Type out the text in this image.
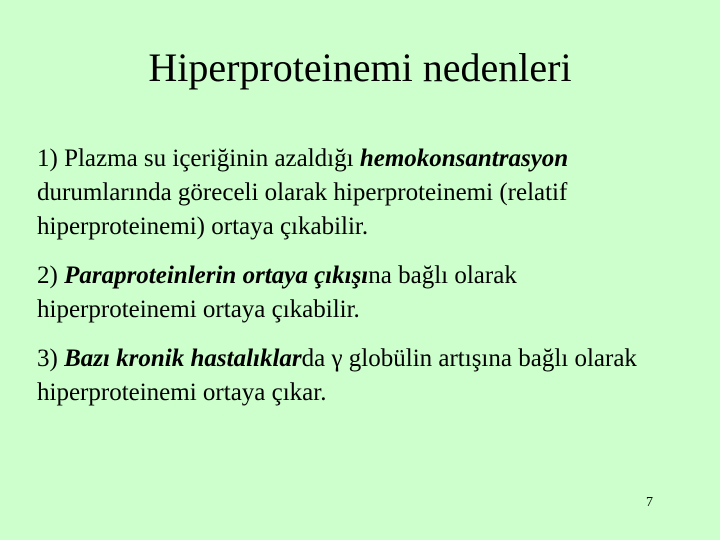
Hiperproteinemi nedenleri

1) Plazma su içeriğinin azaldığı hemokonsantrasyon durumlarında göreceli olarak hiperproteinemi (relatif hiperproteinemi) ortaya çıkabilir.

2) Paraproteinlerin ortaya çıkışına bağlı olarak hiperproteinemi ortaya çıkabilir.

3) Bazı kronik hastalıklarda γ globülin artışına bağlı olarak hiperproteinemi ortaya çıkar.

7
